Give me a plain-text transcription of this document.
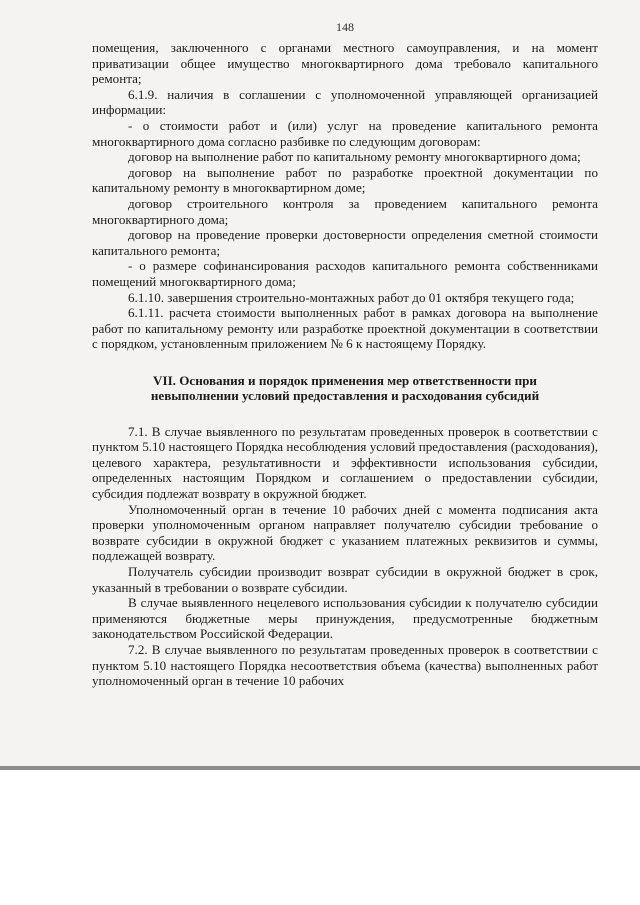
148

помещения, заключенного с органами местного самоуправления, и на момент приватизации общее имущество многоквартирного дома требовало капитального ремонта;

6.1.9. наличия в соглашении с уполномоченной управляющей организацией информации:

- о стоимости работ и (или) услуг на проведение капитального ремонта многоквартирного дома согласно разбивке по следующим договорам:

договор на выполнение работ по капитальному ремонту многоквартирного дома;

договор на выполнение работ по разработке проектной документации по капитальному ремонту в многоквартирном доме;

договор строительного контроля за проведением капитального ремонта многоквартирного дома;

договор на проведение проверки достоверности определения сметной стоимости капитального ремонта;

- о размере софинансирования расходов капитального ремонта собственниками помещений многоквартирного дома;

6.1.10. завершения строительно-монтажных работ до 01 октября текущего года;

6.1.11. расчета стоимости выполненных работ в рамках договора на выполнение работ по капитальному ремонту или разработке проектной документации в соответствии с порядком, установленным приложением № 6 к настоящему Порядку.

VII. Основания и порядок применения мер ответственности при невыполнении условий предоставления и расходования субсидий

7.1. В случае выявленного по результатам проведенных проверок в соответствии с пунктом 5.10 настоящего Порядка несоблюдения условий предоставления (расходования), целевого характера, результативности и эффективности использования субсидии, определенных настоящим Порядком и соглашением о предоставлении субсидии, субсидия подлежат возврату в окружной бюджет.

Уполномоченный орган в течение 10 рабочих дней с момента подписания акта проверки уполномоченным органом направляет получателю субсидии требование о возврате субсидии в окружной бюджет с указанием платежных реквизитов и суммы, подлежащей возврату.

Получатель субсидии производит возврат субсидии в окружной бюджет в срок, указанный в требовании о возврате субсидии.

В случае выявленного нецелевого использования субсидии к получателю субсидии применяются бюджетные меры принуждения, предусмотренные бюджетным законодательством Российской Федерации.

7.2. В случае выявленного по результатам проведенных проверок в соответствии с пунктом 5.10 настоящего Порядка несоответствия объема (качества) выполненных работ уполномоченный орган в течение 10 рабочих
